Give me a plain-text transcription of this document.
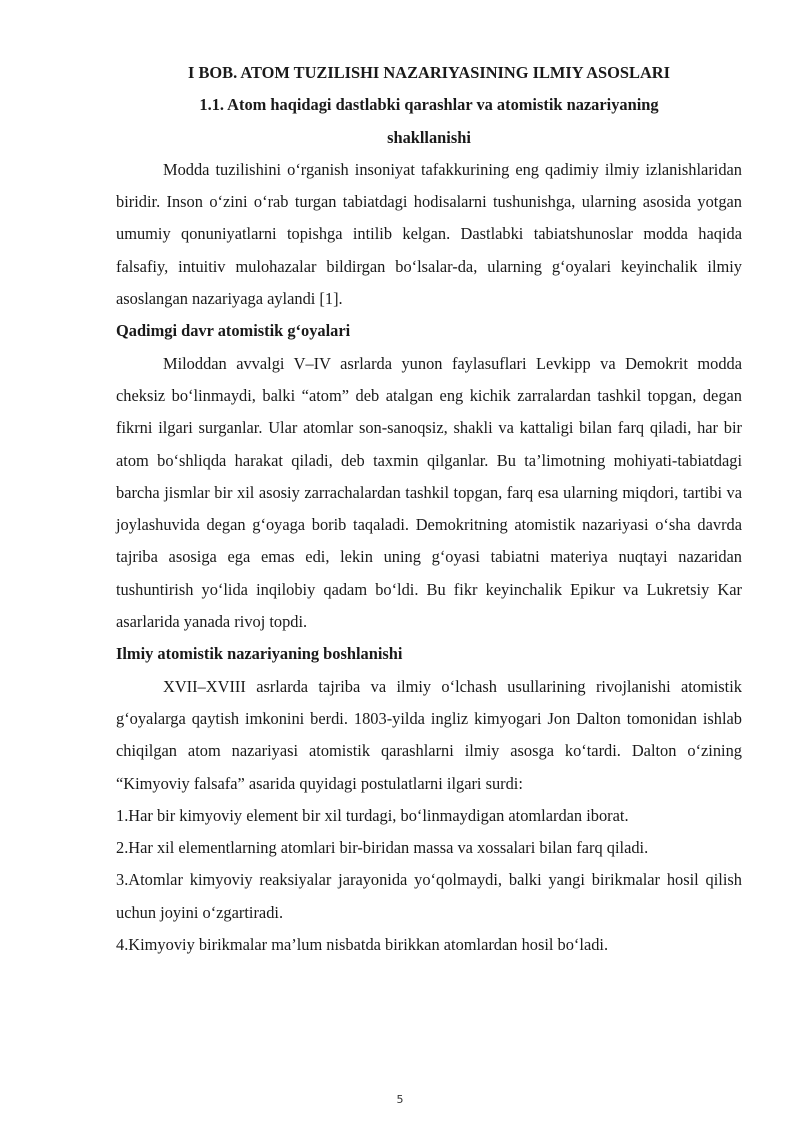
I BOB. ATOM TUZILISHI NAZARIYASINING ILMIY ASOSLARI

1.1. Atom haqidagi dastlabki qarashlar va atomistik nazariyaning shakllanishi

Modda tuzilishini o‘rganish insoniyat tafakkurining eng qadimiy ilmiy izlanishlaridan biridir. Inson o‘zini o‘rab turgan tabiatdagi hodisalarni tushunishga, ularning asosida yotgan umumiy qonuniyatlarni topishga intilib kelgan. Dastlabki tabiatshunoslar modda haqida falsafiy, intuitiv mulohazalar bildirgan bo‘lsalar-da, ularning g‘oyalari keyinchalik ilmiy asoslangan nazariyaga aylandi [1].

Qadimgi davr atomistik g‘oyalari

Miloddan avvalgi V–IV asrlarda yunon faylasuflari Levkipp va Demokrit modda cheksiz bo‘linmaydi, balki “atom” deb atalgan eng kichik zarralardan tashkil topgan, degan fikrni ilgari surganlar. Ular atomlar son-sanoqsiz, shakli va kattaligi bilan farq qiladi, har bir atom bo‘shliqda harakat qiladi, deb taxmin qilganlar. Bu ta’limotning mohiyati-tabiatdagi barcha jismlar bir xil asosiy zarrachalardan tashkil topgan, farq esa ularning miqdori, tartibi va joylashuvida degan g‘oyaga borib taqaladi. Demokritning atomistik nazariyasi o‘sha davrda tajriba asosiga ega emas edi, lekin uning g‘oyasi tabiatni materiya nuqtayi nazaridan tushuntirish yo‘lida inqilobiy qadam bo‘ldi. Bu fikr keyinchalik Epikur va Lukretsiy Kar asarlarida yanada rivoj topdi.

Ilmiy atomistik nazariyaning boshlanishi

XVII–XVIII asrlarda tajriba va ilmiy o‘lchash usullarining rivojlanishi atomistik g‘oyalarga qaytish imkonini berdi. 1803-yilda ingliz kimyogari Jon Dalton tomonidan ishlab chiqilgan atom nazariyasi atomistik qarashlarni ilmiy asosga ko‘tardi. Dalton o‘zining “Kimyoviy falsafa” asarida quyidagi postulatlarni ilgari surdi:

1.Har bir kimyoviy element bir xil turdagi, bo‘linmaydigan atomlardan iborat.

2.Har xil elementlarning atomlari bir-biridan massa va xossalari bilan farq qiladi.

3.Atomlar kimyoviy reaksiyalar jarayonida yo‘qolmaydi, balki yangi birikmalar hosil qilish uchun joyini o‘zgartiradi.

4.Kimyoviy birikmalar ma’lum nisbatda birikkan atomlardan hosil bo‘ladi.

5
